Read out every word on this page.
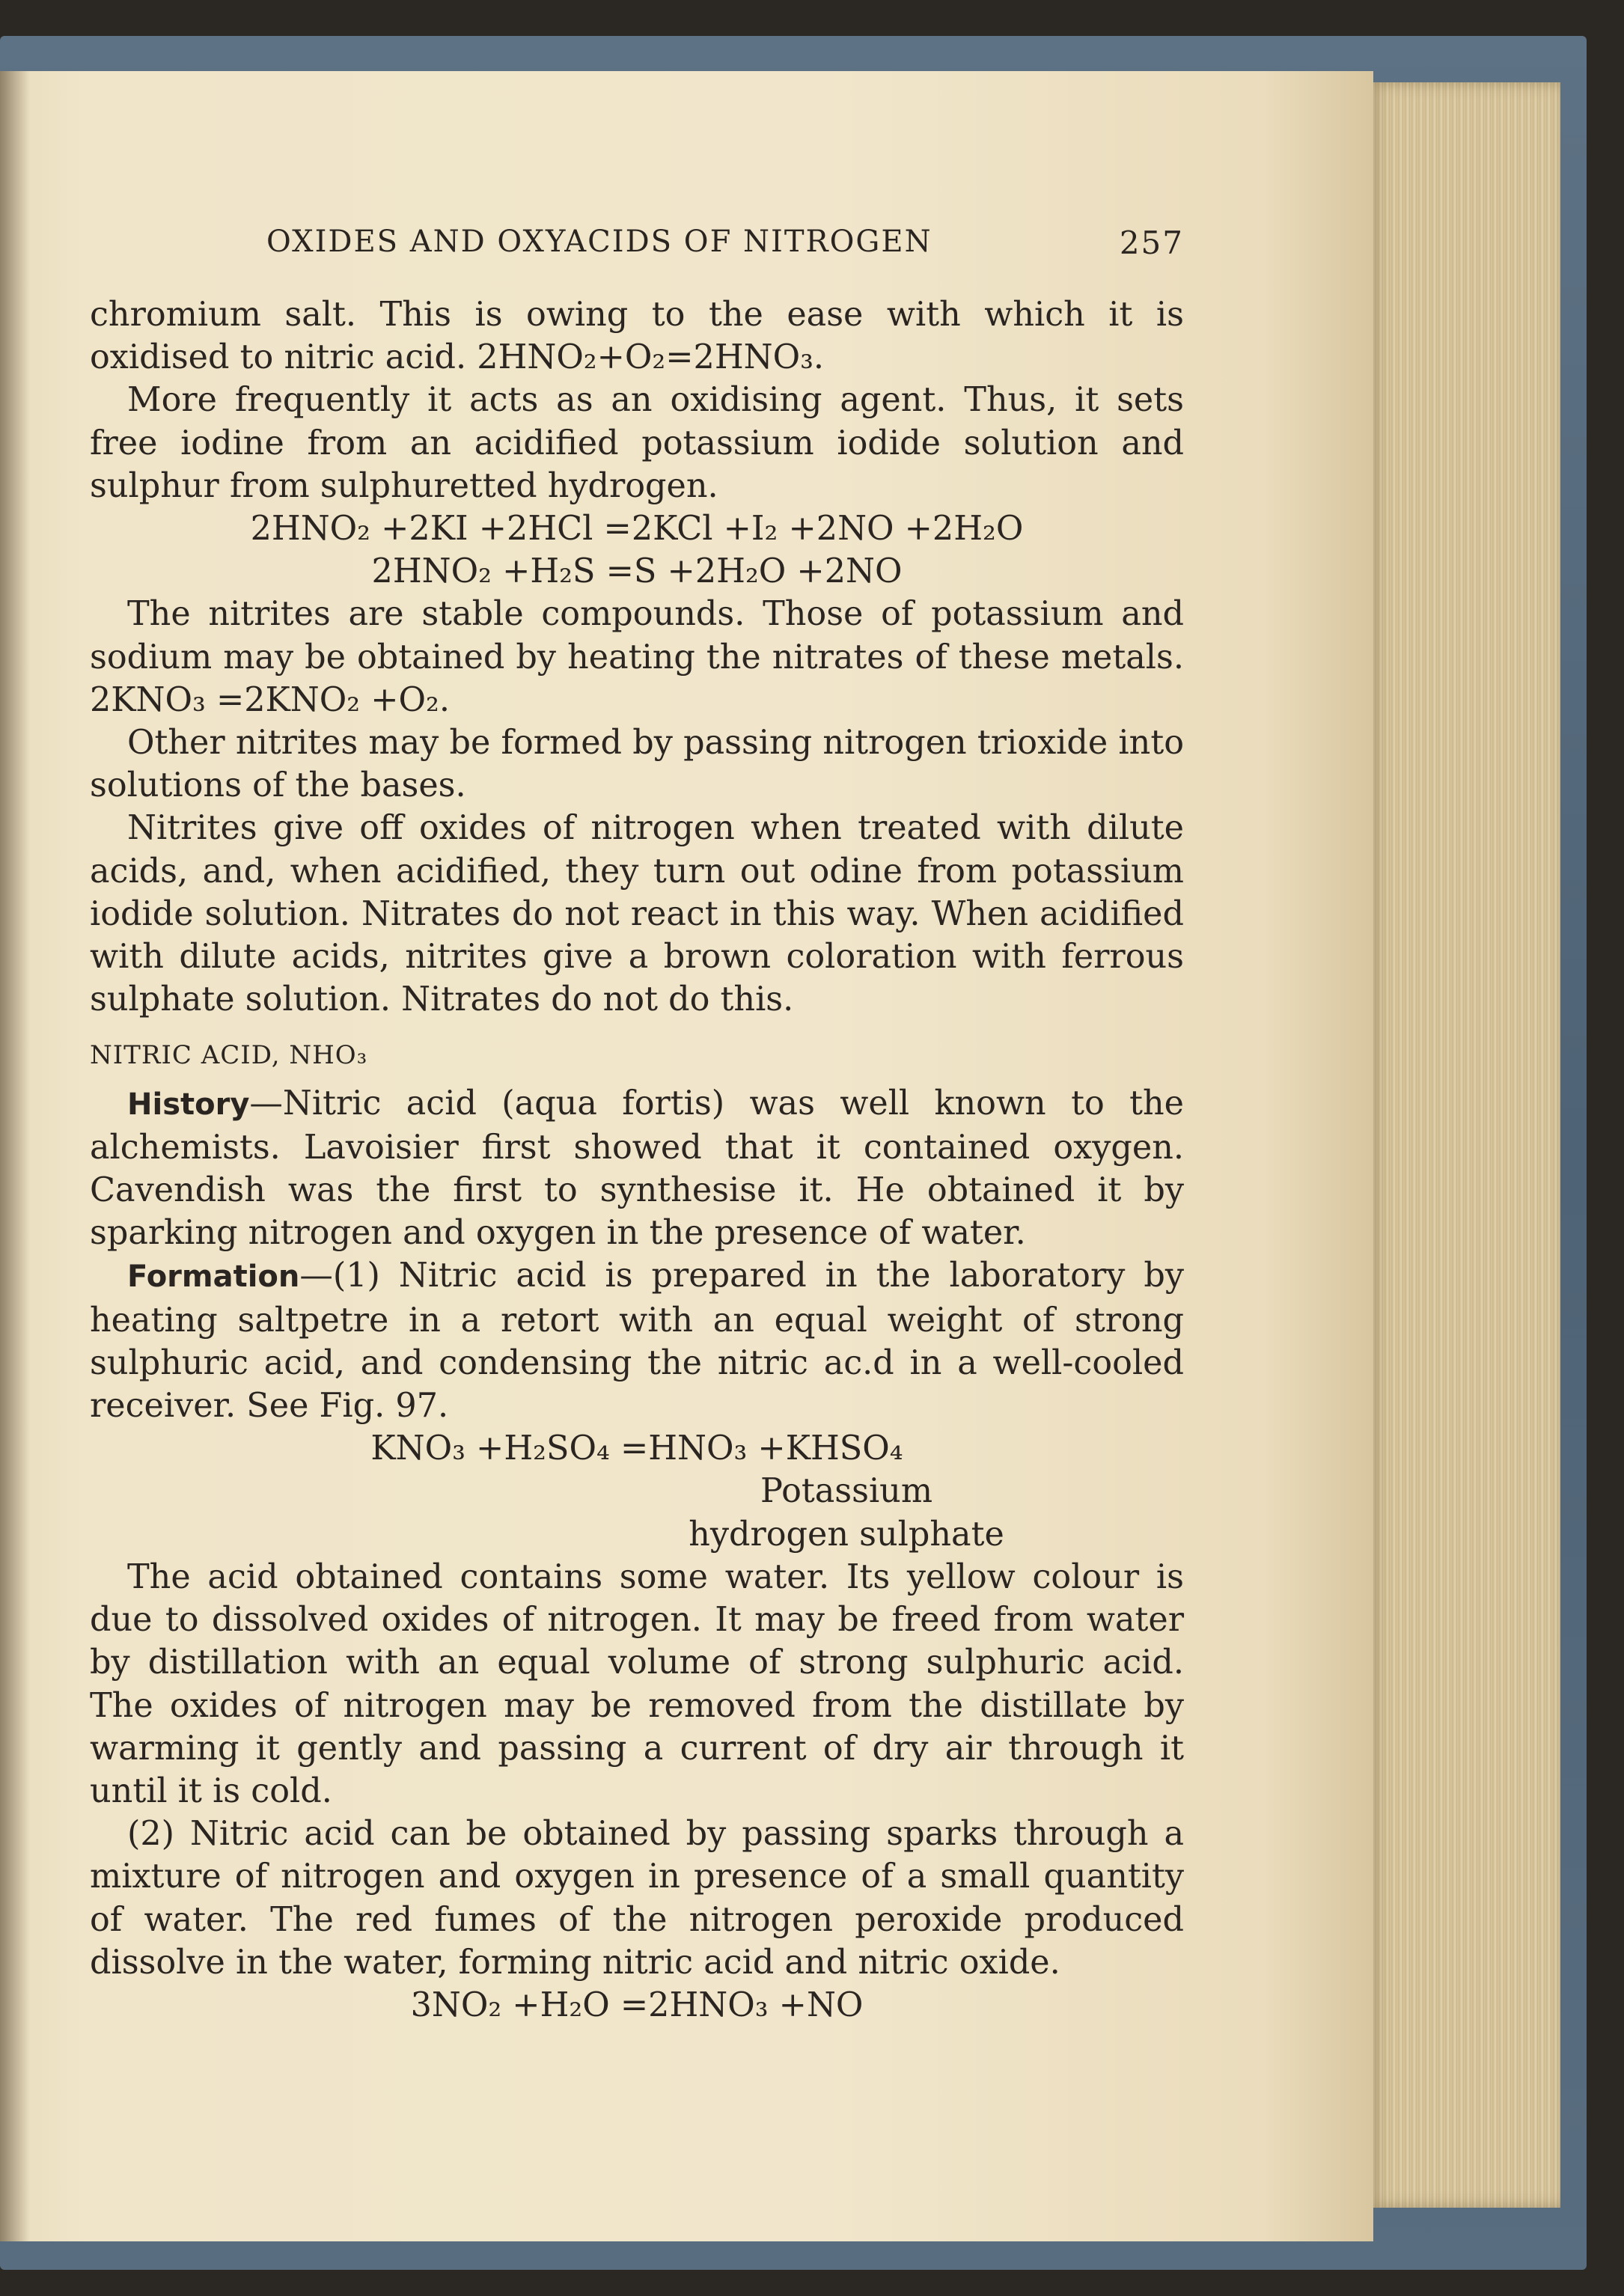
OXIDES AND OXYACIDS OF NITROGEN	257

chromium salt. This is owing to the ease with which it is oxidised to nitric acid. 2HNO₂+O₂=2HNO₃.

More frequently it acts as an oxidising agent. Thus, it sets free iodine from an acidified potassium iodide solution and sulphur from sulphuretted hydrogen.

2HNO₂ +2KI +2HCl =2KCl +I₂ +2NO +2H₂O

2HNO₂ +H₂S =S +2H₂O +2NO

The nitrites are stable compounds. Those of potassium and sodium may be obtained by heating the nitrates of these metals. 2KNO₃ =2KNO₂ +O₂.

Other nitrites may be formed by passing nitrogen trioxide into solutions of the bases.

Nitrites give off oxides of nitrogen when treated with dilute acids, and, when acidified, they turn out odine from potassium iodide solution. Nitrates do not react in this way. When acidified with dilute acids, nitrites give a brown coloration with ferrous sulphate solution. Nitrates do not do this.

NITRIC ACID, NHO₃

History—Nitric acid (aqua fortis) was well known to the alchemists. Lavoisier first showed that it contained oxygen. Cavendish was the first to synthesise it. He obtained it by sparking nitrogen and oxygen in the presence of water.

Formation—(1) Nitric acid is prepared in the laboratory by heating saltpetre in a retort with an equal weight of strong sulphuric acid, and condensing the nitric ac.d in a well-cooled receiver. See Fig. 97.

KNO₃ +H₂SO₄ =HNO₃ +KHSO₄

Potassium

hydrogen sulphate

The acid obtained contains some water. Its yellow colour is due to dissolved oxides of nitrogen. It may be freed from water by distillation with an equal volume of strong sulphuric acid. The oxides of nitrogen may be removed from the distillate by warming it gently and passing a current of dry air through it until it is cold.

(2) Nitric acid can be obtained by passing sparks through a mixture of nitrogen and oxygen in presence of a small quantity of water. The red fumes of the nitrogen peroxide produced dissolve in the water, forming nitric acid and nitric oxide.

3NO₂ +H₂O =2HNO₃ +NO
